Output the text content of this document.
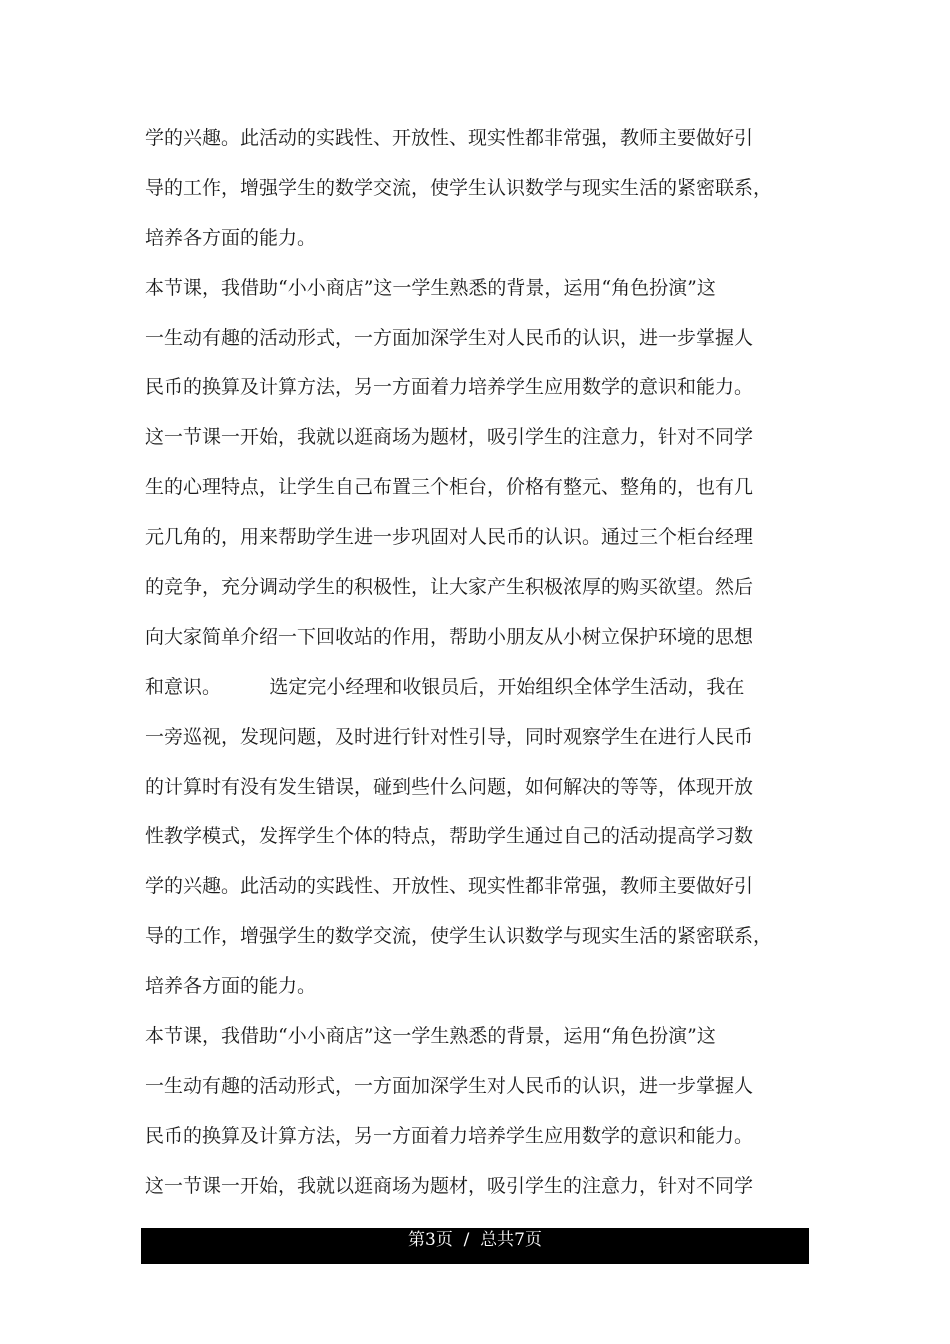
学的兴趣。此活动的实践性、开放性、现实性都非常强，教师主要做好引
导的工作，增强学生的数学交流，使学生认识数学与现实生活的紧密联系，
培养各方面的能力。
本节课，我借助“小小商店”这一学生熟悉的背景，运用“角色扮演”这
一生动有趣的活动形式，一方面加深学生对人民币的认识，进一步掌握人
民币的换算及计算方法，另一方面着力培养学生应用数学的意识和能力。
这一节课一开始，我就以逛商场为题材，吸引学生的注意力，针对不同学
生的心理特点，让学生自己布置三个柜台，价格有整元、整角的，也有几
元几角的，用来帮助学生进一步巩固对人民币的认识。通过三个柜台经理
的竞争，充分调动学生的积极性，让大家产生积极浓厚的购买欲望。然后
向大家简单介绍一下回收站的作用，帮助小朋友从小树立保护环境的思想
和意识。        选定完小经理和收银员后，开始组织全体学生活动，我在
一旁巡视，发现问题，及时进行针对性引导，同时观察学生在进行人民币
的计算时有没有发生错误，碰到些什么问题，如何解决的等等，体现开放
性教学模式，发挥学生个体的特点，帮助学生通过自己的活动提高学习数
学的兴趣。此活动的实践性、开放性、现实性都非常强，教师主要做好引
导的工作，增强学生的数学交流，使学生认识数学与现实生活的紧密联系，
培养各方面的能力。
本节课，我借助“小小商店”这一学生熟悉的背景，运用“角色扮演”这
一生动有趣的活动形式，一方面加深学生对人民币的认识，进一步掌握人
民币的换算及计算方法，另一方面着力培养学生应用数学的意识和能力。
这一节课一开始，我就以逛商场为题材，吸引学生的注意力，针对不同学
第3页  /  总共7页
